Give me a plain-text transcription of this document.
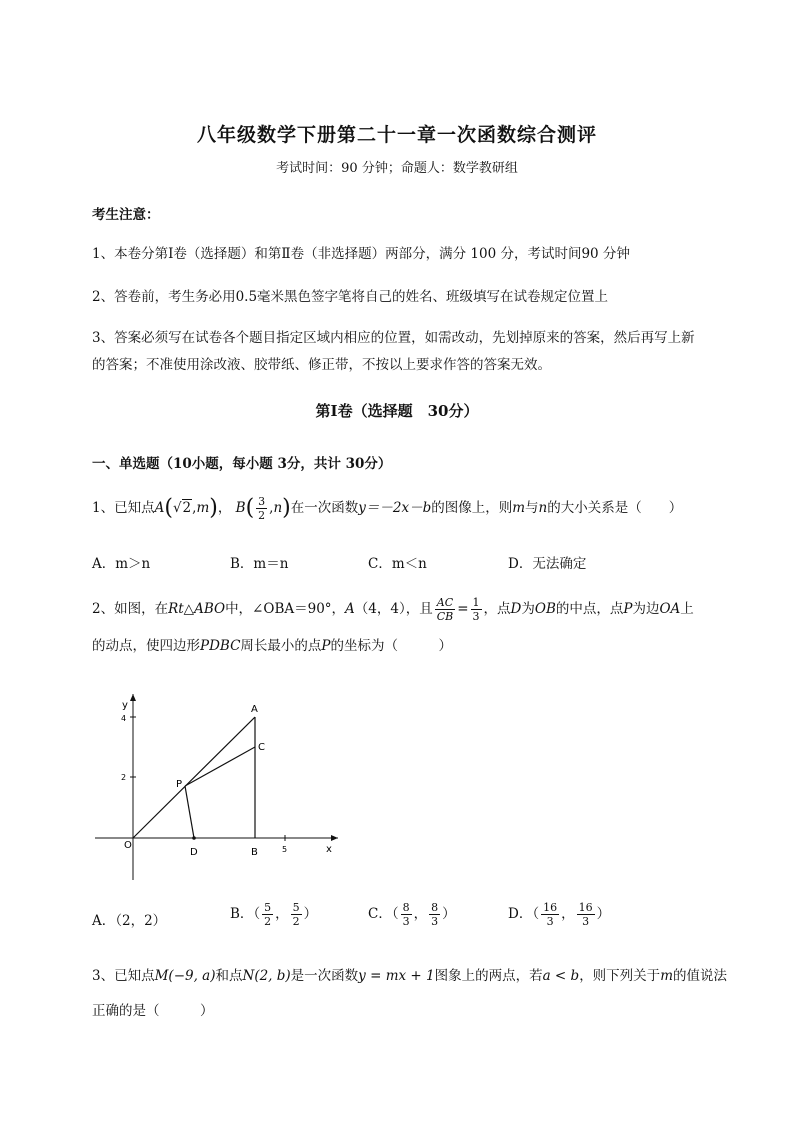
八年级数学下册第二十一章一次函数综合测评
考试时间：90 分钟；命题人：数学教研组
考生注意：
1、本卷分第Ⅰ卷（选择题）和第Ⅱ卷（非选择题）两部分，满分 100 分，考试时间90 分钟
2、答卷前，考生务必用0.5毫米黑色签字笔将自己的姓名、班级填写在试卷规定位置上
3、答案必须写在试卷各个题目指定区域内相应的位置，如需改动，先划掉原来的答案，然后再写上新
的答案；不准使用涂改液、胶带纸、修正带，不按以上要求作答的答案无效。
第Ⅰ卷（选择题　30分）
一、单选题（10小题，每小题 3分，共计 30分）
1、已知点A(√2,m)， $B( \frac{3}{2} ,n)$在一次函数y＝－2x－b的图像上，则m与n的大小关系是（　　）
A．m＞n	B．m＝n	C．m＜n	D．无法确定
2、如图，在Rt△ABO中，∠OBA＝90°，A（4，4），且 $\frac{AC}{CB} = \frac{1}{3}$ ，点D为OB的中点，点P为边OA上
的动点，使四边形PDBC周长最小的点P的坐标为（　　　）
y
x
4
2
5
O
A
B
C
D
P
A．（2，2）	B．（ $\frac{5}{2}$ ， $\frac{5}{2}$ ）	C．（ $\frac{8}{3}$ ， $\frac{8}{3}$ ）	D．（ $\frac{16}{3}$ ， $\frac{16}{3}$ ）
3、已知点M(−9, a)和点N(2, b)是一次函数y = mx + 1图象上的两点，若a < b，则下列关于m的值说法
正确的是（　　　）
